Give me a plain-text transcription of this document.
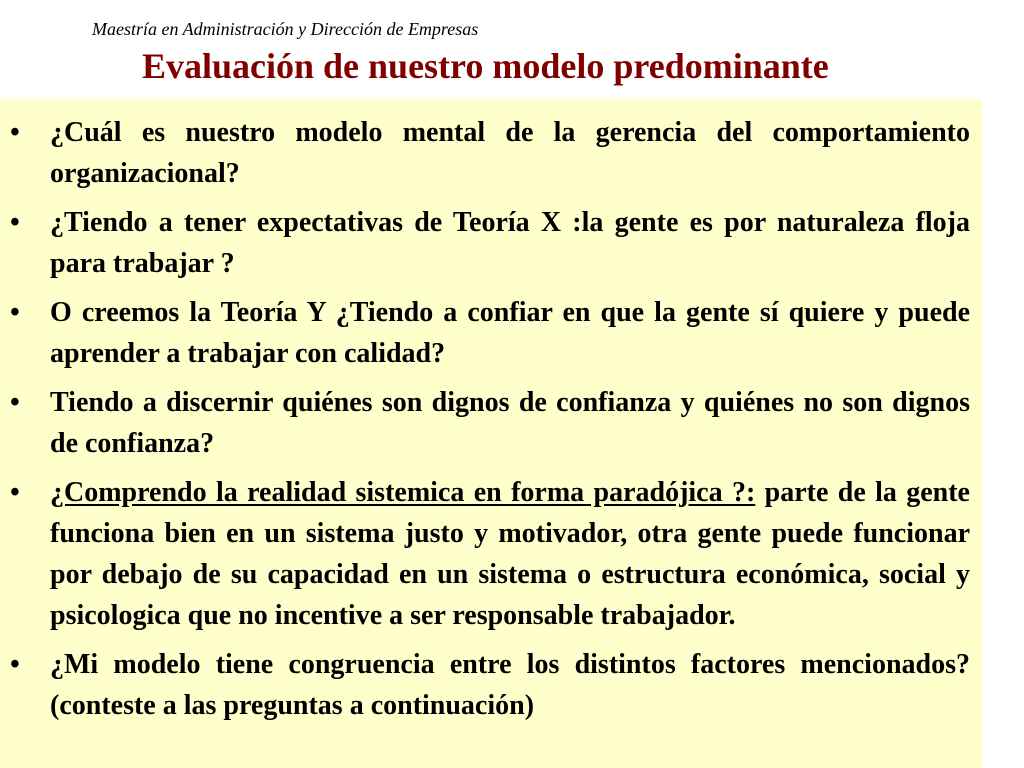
Maestría en Administración y Dirección de Empresas

Evaluación de nuestro modelo predominante
• ¿Cuál es nuestro modelo mental de la gerencia del comportamiento organizacional?
• ¿Tiendo a tener expectativas de Teoría X :la gente es por naturaleza floja para trabajar ?
• O creemos la Teoría Y ¿Tiendo a confiar en que la gente sí quiere y puede aprender a trabajar con calidad?
• Tiendo a discernir quiénes son dignos de confianza y quiénes no son dignos de confianza?
• ¿Comprendo la realidad sistemica en forma paradójica ?: parte de la gente funciona bien en un sistema justo y motivador, otra gente puede funcionar por debajo de su capacidad en un sistema o estructura económica, social y psicologica que no incentive a ser responsable trabajador.
• ¿Mi modelo tiene congruencia entre los distintos factores mencionados?(conteste a las preguntas a continuación)
